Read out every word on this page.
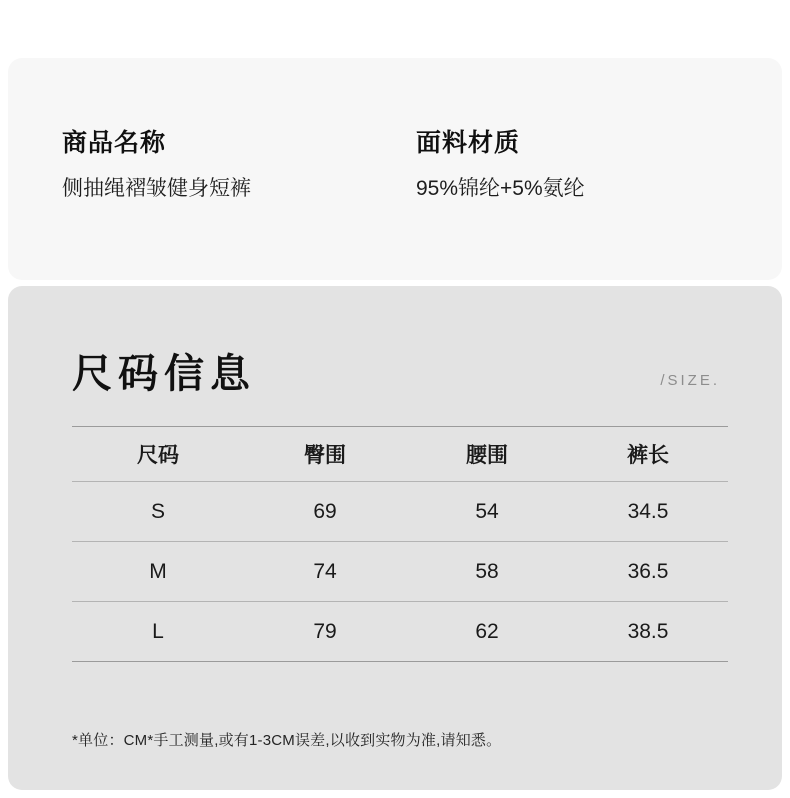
商品名称
侧抽绳褶皱健身短裤
面料材质
95%锦纶+5%氨纶
尺码信息	/SIZE.
尺码	臀围	腰围	裤长
S	69	54	34.5
M	74	58	36.5
L	79	62	38.5
*单位：CM*手工测量,或有1-3CM误差,以收到实物为准,请知悉。
